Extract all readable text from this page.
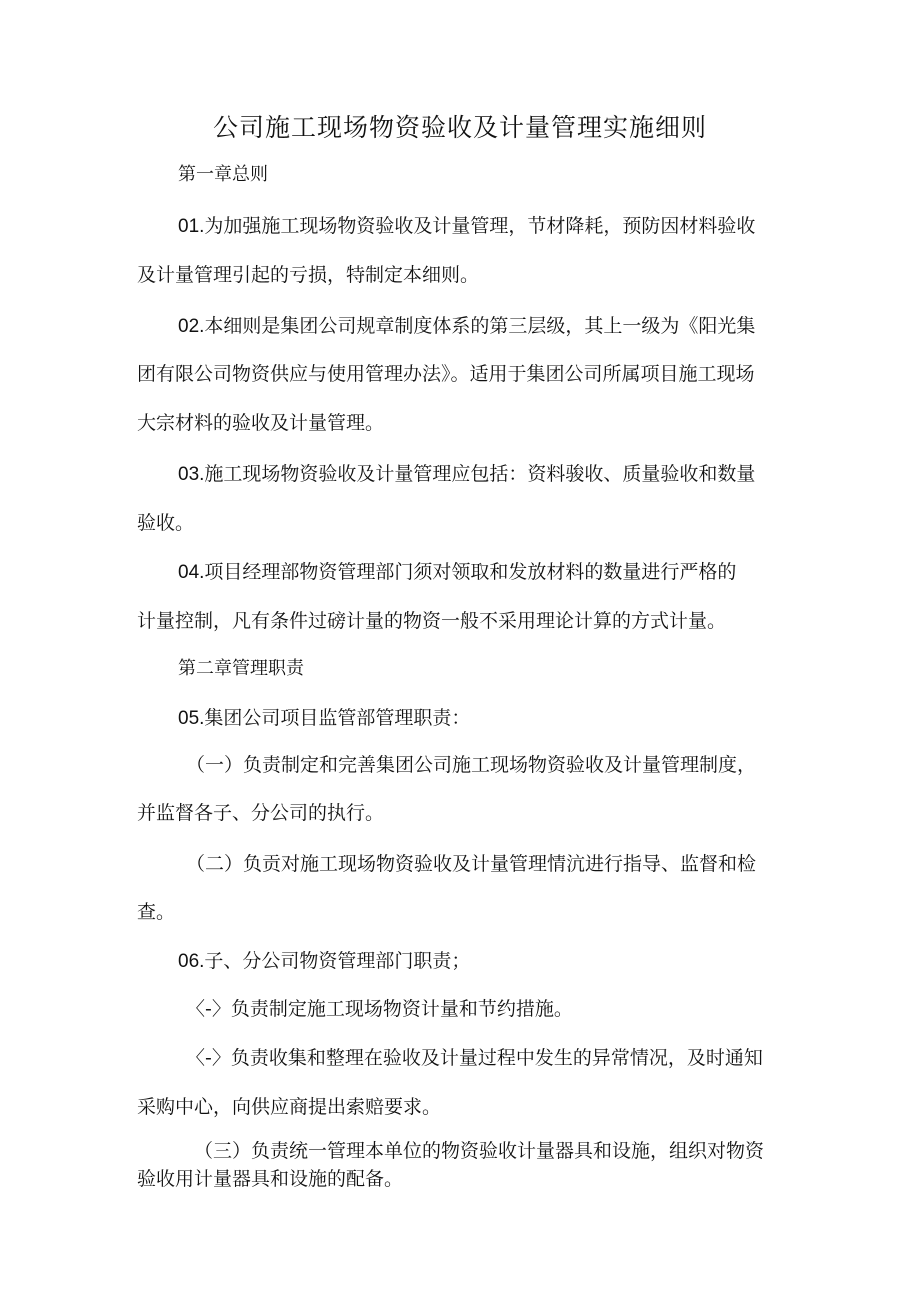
公司施工现场物资验收及计量管理实施细则
第一章总则
01.为加强施工现场物资验收及计量管理，节材降耗，预防因材料验收
及计量管理引起的亏损，特制定本细则。
02.本细则是集团公司规章制度体系的第三层级，其上一级为《阳光集
团有限公司物资供应与使用管理办法》。适用于集团公司所属项目施工现场
大宗材料的验收及计量管理。
03.施工现场物资验收及计量管理应包括：资料骏收、质量验收和数量
验收。
04.项目经理部物资管理部门须对领取和发放材料的数量进行严格的
计量控制，凡有条件过磅计量的物资一般不采用理论计算的方式计量。
第二章管理职责
05.集团公司项目监管部管理职责：
（一）负责制定和完善集团公司施工现场物资验收及计量管理制度，
并监督各子、分公司的执行。
（二）负贡对施工现场物资验收及计量管理情沆进行指导、监督和检
查。
06.子、分公司物资管理部门职责；
〈-〉负责制定施工现场物资计量和节约措施。
〈-〉负责收集和整理在验收及计量过程中发生的异常情况，及时通知
采购中心，向供应商提出索赔要求。
（三）负责统一管理本单位的物资验收计量器具和设施，组织对物资
验收用计量器具和设施的配备。
